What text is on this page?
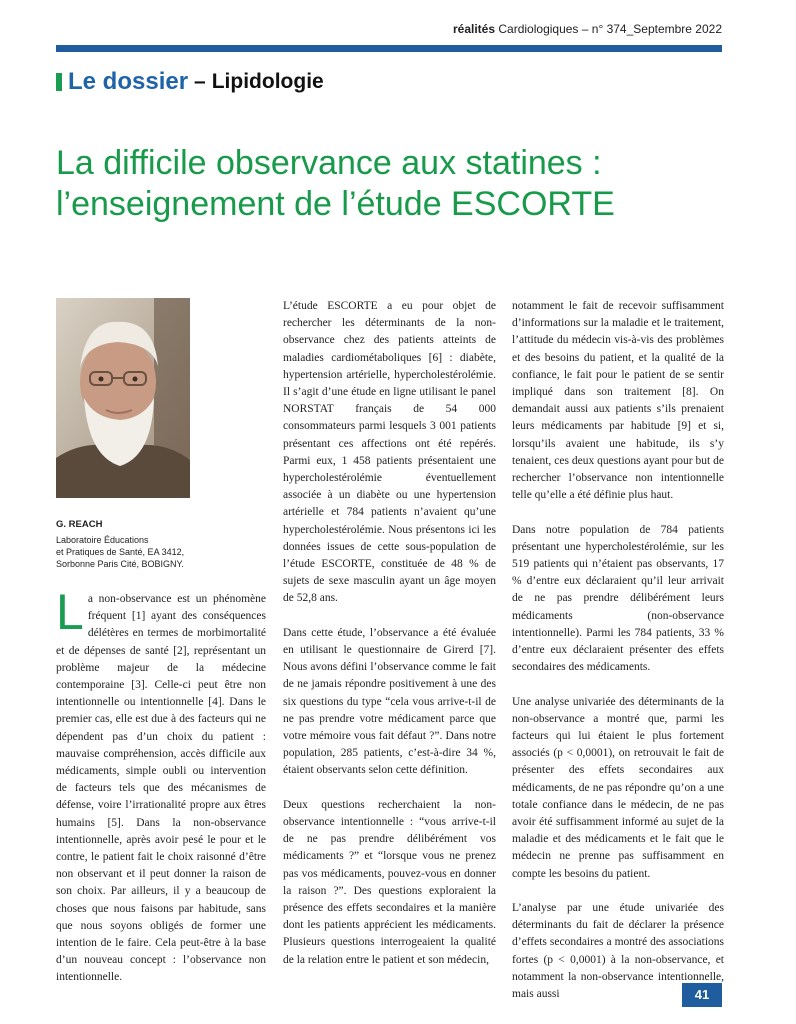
réalités Cardiologiques – n° 374_Septembre 2022
Le dossier – Lipidologie
La difficile observance aux statines :
l’enseignement de l’étude ESCORTE
G. REACH
Laboratoire Éducations
et Pratiques de Santé, EA 3412,
Sorbonne Paris Cité, BOBIGNY.

L a non-observance est un phénomène fréquent [1] ayant des conséquences délétères en termes de morbimortalité et de dépenses de santé [2], représentant un problème majeur de la médecine contemporaine [3]. Celle-ci peut être non intentionnelle ou intentionnelle [4]. Dans le premier cas, elle est due à des facteurs qui ne dépendent pas d’un choix du patient : mauvaise compréhension, accès difficile aux médicaments, simple oubli ou intervention de facteurs tels que des mécanismes de défense, voire l’irrationalité propre aux êtres humains [5]. Dans la non-observance intentionnelle, après avoir pesé le pour et le contre, le patient fait le choix raisonné d’être non observant et il peut donner la raison de son choix. Par ailleurs, il y a beaucoup de choses que nous faisons par habitude, sans que nous soyons obligés de former une intention de le faire. Cela peut-être à la base d’un nouveau concept : l’observance non intentionnelle.

L’étude ESCORTE a eu pour objet de rechercher les déterminants de la non-observance chez des patients atteints de maladies cardiométaboliques [6] : diabète, hypertension artérielle, hypercholestérolémie. Il s’agit d’une étude en ligne utilisant le panel NORSTAT français de 54 000 consommateurs parmi lesquels 3 001 patients présentant ces affections ont été repérés. Parmi eux, 1 458 patients présentaient une hypercholestérolémie éventuellement associée à un diabète ou une hypertension artérielle et 784 patients n’avaient qu’une hypercholestérolémie. Nous présentons ici les données issues de cette sous-population de l’étude ESCORTE, constituée de 48 % de sujets de sexe masculin ayant un âge moyen de 52,8 ans.

Dans cette étude, l’observance a été évaluée en utilisant le questionnaire de Girerd [7]. Nous avons défini l’observance comme le fait de ne jamais répondre positivement à une des six questions du type “cela vous arrive-t-il de ne pas prendre votre médicament parce que votre mémoire vous fait défaut ?”. Dans notre population, 285 patients, c’est-à-dire 34 %, étaient observants selon cette définition.

Deux questions recherchaient la non-observance intentionnelle : “vous arrive-t-il de ne pas prendre délibérément vos médicaments ?” et “lorsque vous ne prenez pas vos médicaments, pouvez-vous en donner la raison ?”. Des questions exploraient la présence des effets secondaires et la manière dont les patients apprécient les médicaments. Plusieurs questions interrogeaient la qualité de la relation entre le patient et son médecin,

notamment le fait de recevoir suffisamment d’informations sur la maladie et le traitement, l’attitude du médecin vis-à-vis des problèmes et des besoins du patient, et la qualité de la confiance, le fait pour le patient de se sentir impliqué dans son traitement [8]. On demandait aussi aux patients s’ils prenaient leurs médicaments par habitude [9] et si, lorsqu’ils avaient une habitude, ils s’y tenaient, ces deux questions ayant pour but de rechercher l’observance non intentionnelle telle qu’elle a été définie plus haut.

Dans notre population de 784 patients présentant une hypercholestérolémie, sur les 519 patients qui n’étaient pas observants, 17 % d’entre eux déclaraient qu’il leur arrivait de ne pas prendre délibérément leurs médicaments (non-observance intentionnelle). Parmi les 784 patients, 33 % d’entre eux déclaraient présenter des effets secondaires des médicaments.

Une analyse univariée des déterminants de la non-observance a montré que, parmi les facteurs qui lui étaient le plus fortement associés (p < 0,0001), on retrouvait le fait de présenter des effets secondaires aux médicaments, de ne pas répondre qu’on a une totale confiance dans le médecin, de ne pas avoir été suffisamment informé au sujet de la maladie et des médicaments et le fait que le médecin ne prenne pas suffisamment en compte les besoins du patient.

L’analyse par une étude univariée des déterminants du fait de déclarer la présence d’effets secondaires a montré des associations fortes (p < 0,0001) à la non-observance, et notamment la non-observance intentionnelle, mais aussi	41
